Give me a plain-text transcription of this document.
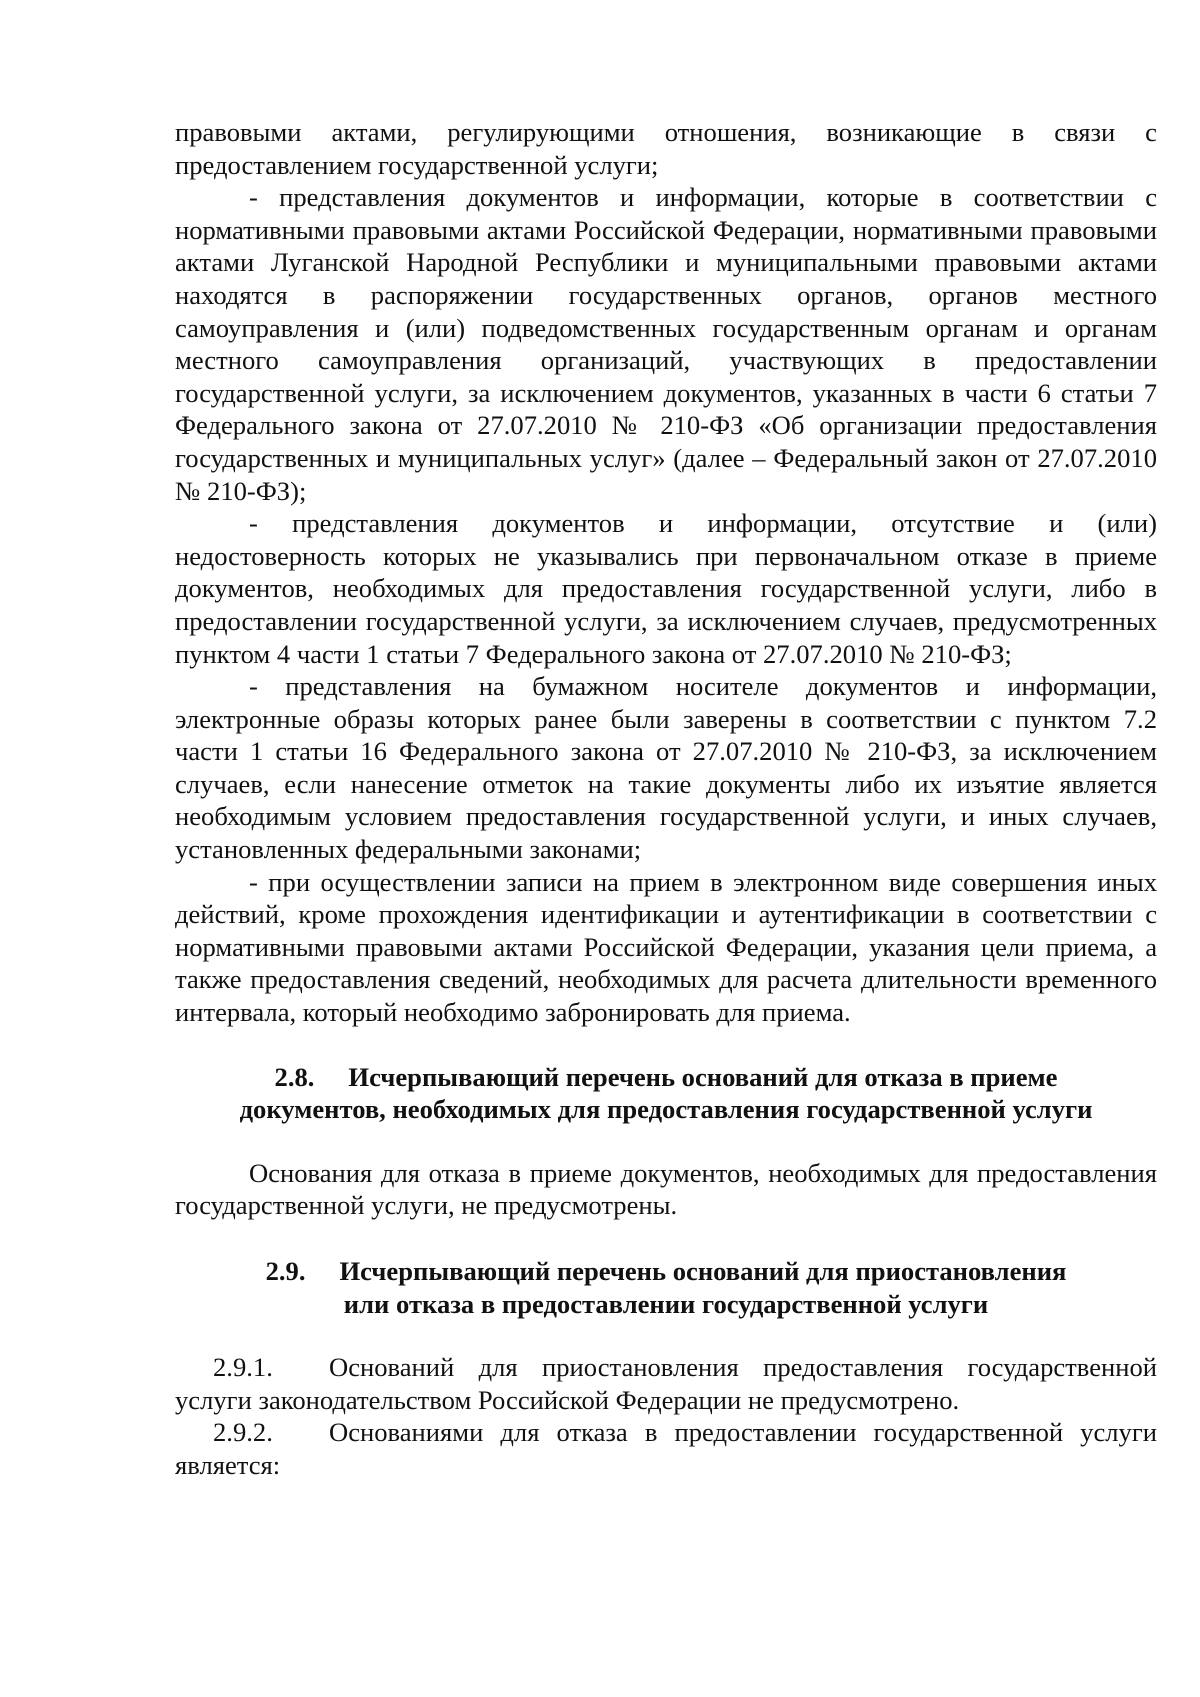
правовыми актами, регулирующими отношения, возникающие в связи с предоставлением государственной услуги;

- представления документов и информации, которые в соответствии с нормативными правовыми актами Российской Федерации, нормативными правовыми актами Луганской Народной Республики и муниципальными правовыми актами находятся в распоряжении государственных органов, органов местного самоуправления и (или) подведомственных государственным органам и органам местного самоуправления организаций, участвующих в предоставлении государственной услуги, за исключением документов, указанных в части 6 статьи 7 Федерального закона от 27.07.2010 № 210-ФЗ «Об организации предоставления государственных и муниципальных услуг» (далее – Федеральный закон от 27.07.2010 № 210-ФЗ);

- представления документов и информации, отсутствие и (или) недостоверность которых не указывались при первоначальном отказе в приеме документов, необходимых для предоставления государственной услуги, либо в предоставлении государственной услуги, за исключением случаев, предусмотренных пунктом 4 части 1 статьи 7 Федерального закона от 27.07.2010 № 210-ФЗ;

- представления на бумажном носителе документов и информации, электронные образы которых ранее были заверены в соответствии с пунктом 7.2 части 1 статьи 16 Федерального закона от 27.07.2010 № 210-ФЗ, за исключением случаев, если нанесение отметок на такие документы либо их изъятие является необходимым условием предоставления государственной услуги, и иных случаев, установленных федеральными законами;

- при осуществлении записи на прием в электронном виде совершения иных действий, кроме прохождения идентификации и аутентификации в соответствии с нормативными правовыми актами Российской Федерации, указания цели приема, а также предоставления сведений, необходимых для расчета длительности временного интервала, который необходимо забронировать для приема.

2.8. Исчерпывающий перечень оснований для отказа в приеме
документов, необходимых для предоставления государственной услуги

Основания для отказа в приеме документов, необходимых для предоставления государственной услуги, не предусмотрены.

2.9. Исчерпывающий перечень оснований для приостановления
или отказа в предоставлении государственной услуги

2.9.1. Оснований для приостановления предоставления государственной услуги законодательством Российской Федерации не предусмотрено.

2.9.2. Основаниями для отказа в предоставлении государственной услуги является:
